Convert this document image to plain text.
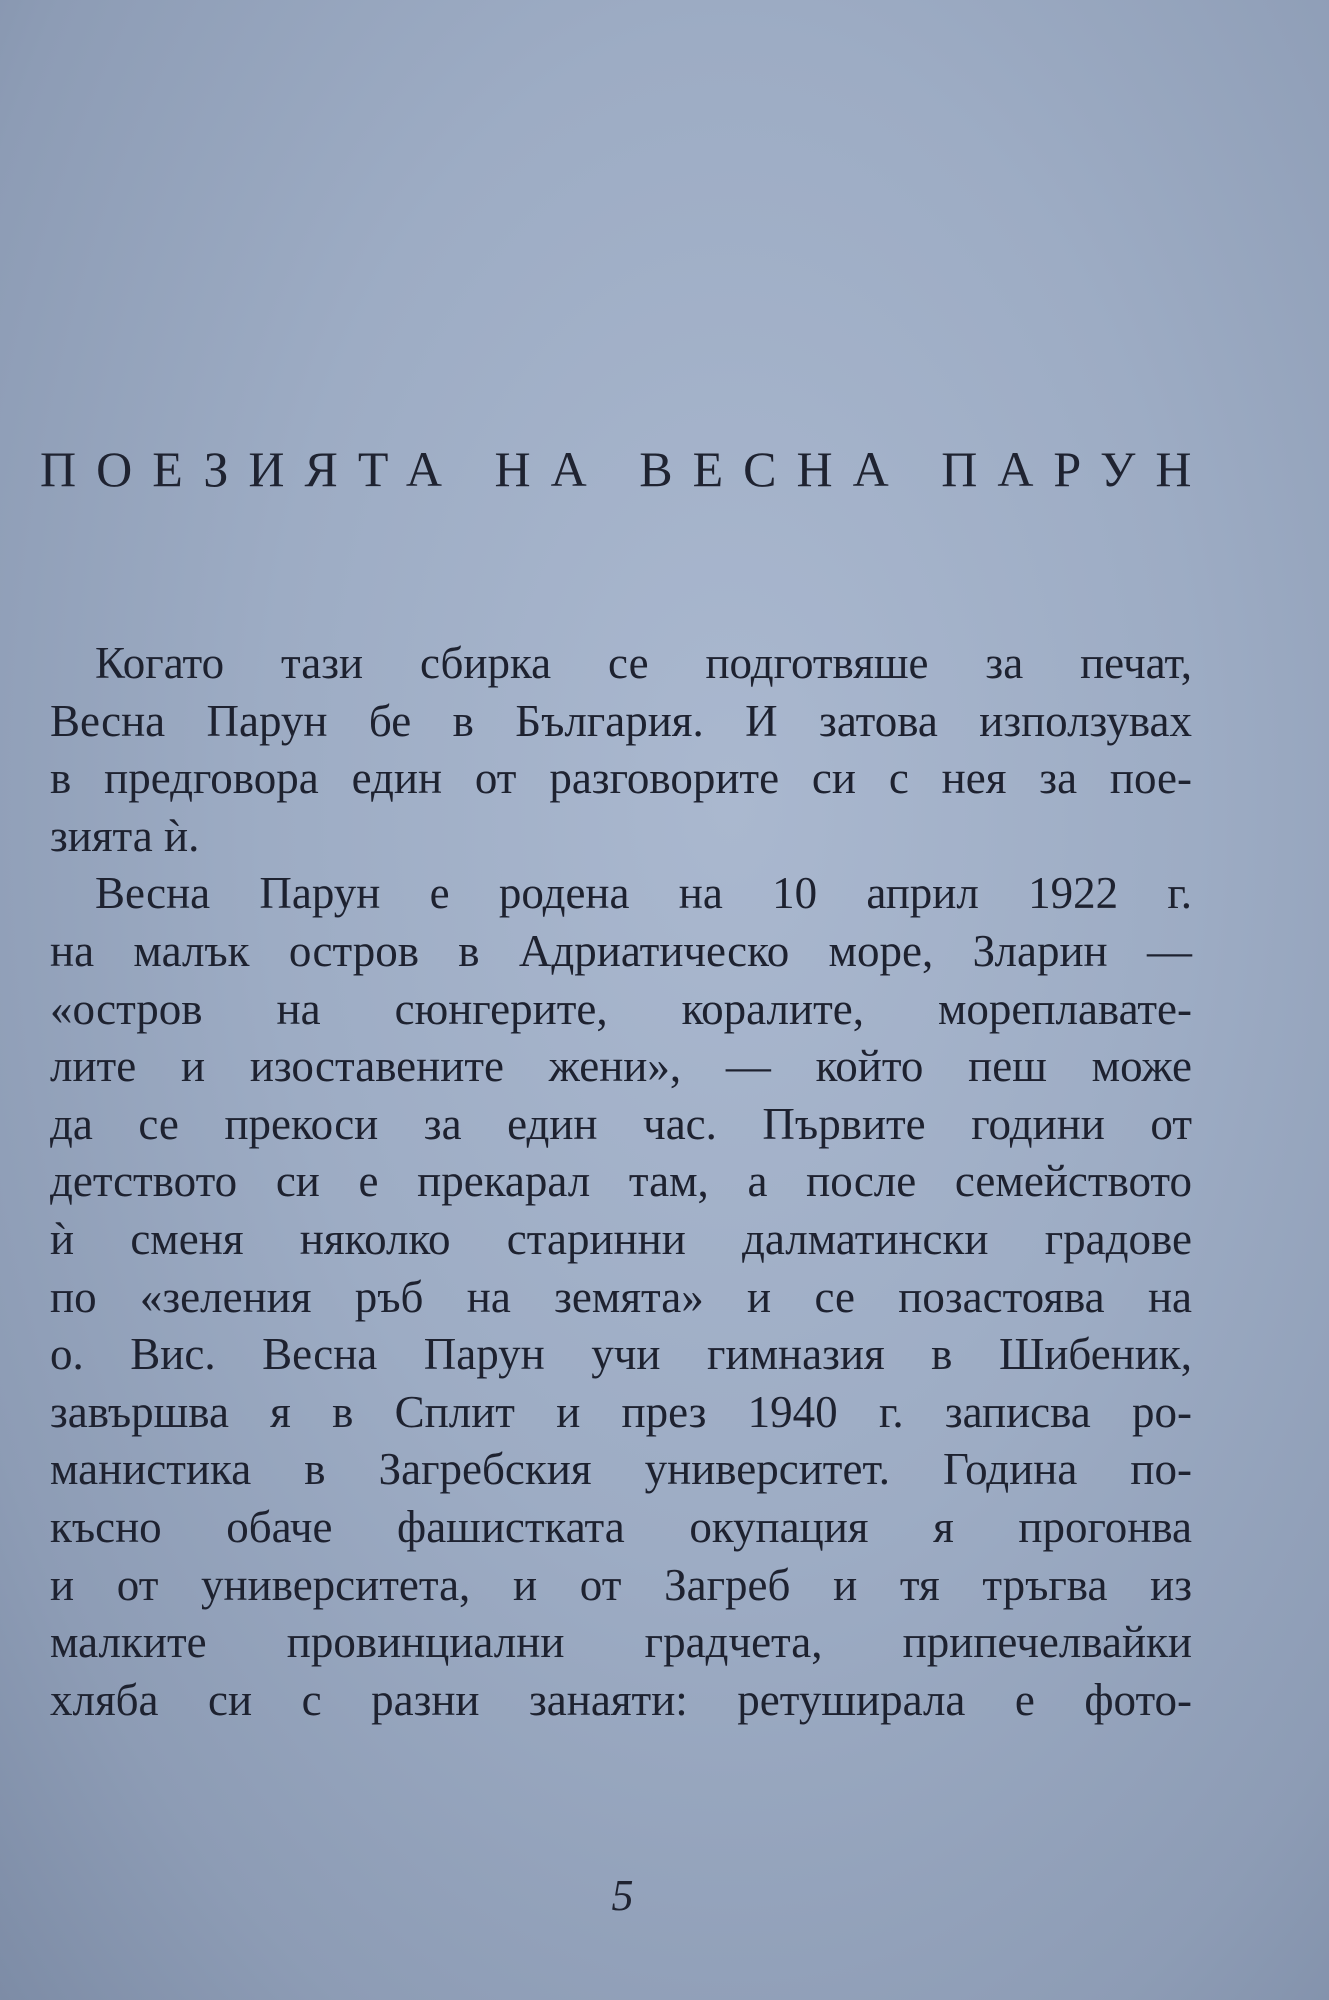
ПОЕЗИЯТА НА ВЕСНА ПАРУН
Когато тази сбирка се подготвяше за печат,
Весна Парун бе в България. И затова използувах
в предговора един от разговорите си с нея за пое-
зията ѝ.
Весна Парун е родена на 10 април 1922 г.
на малък остров в Адриатическо море, Зларин —
«остров на сюнгерите, коралите, мореплавате-
лите и изоставените жени», — който пеш може
да се прекоси за един час. Първите години от
детството си е прекарал там, а после семейството
ѝ сменя няколко старинни далматински градове
по «зеления ръб на земята» и се позастоява на
о. Вис. Весна Парун учи гимназия в Шибеник,
завършва я в Сплит и през 1940 г. записва ро-
манистика в Загребския университет. Година по-
късно обаче фашистката окупация я прогонва
и от университета, и от Загреб и тя тръгва из
малките провинциални градчета, припечелвайки
хляба си с разни занаяти: ретуширала е фото-
5
